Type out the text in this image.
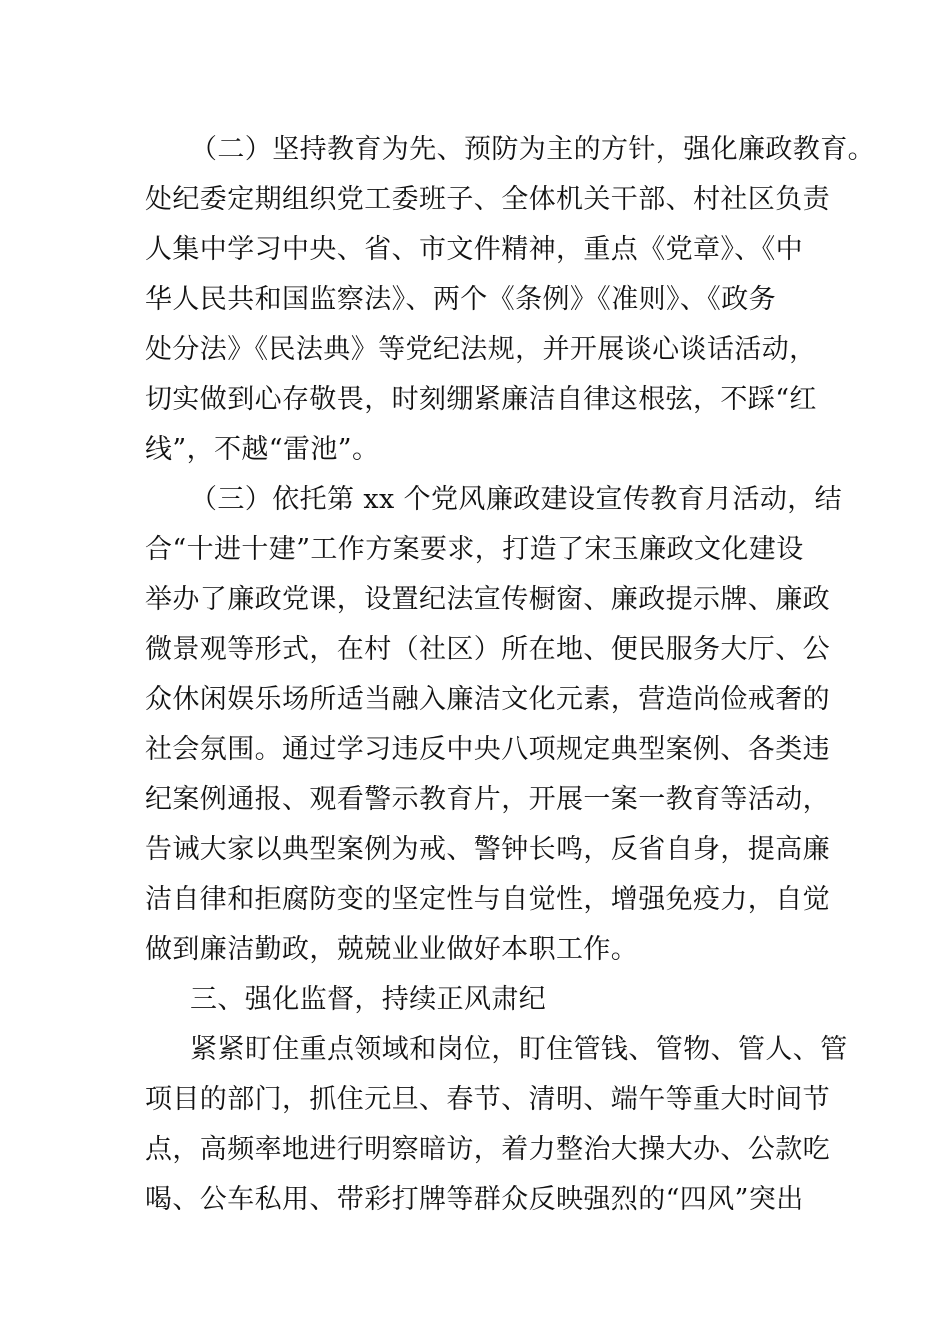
（二）坚持教育为先、预防为主的方针，强化廉政教育。
处纪委定期组织党工委班子、全体机关干部、村社区负责
人集中学习中央、省、市文件精神，重点《党章》、《中
华人民共和国监察法》、两个《条例》《准则》、《政务
处分法》《民法典》等党纪法规，并开展谈心谈话活动，
切实做到心存敬畏，时刻绷紧廉洁自律这根弦，不踩“红
线”，不越“雷池”。
（三）依托第 xx 个党风廉政建设宣传教育月活动，结
合“十进十建”工作方案要求，打造了宋玉廉政文化建设
举办了廉政党课，设置纪法宣传橱窗、廉政提示牌、廉政
微景观等形式，在村（社区）所在地、便民服务大厅、公
众休闲娱乐场所适当融入廉洁文化元素，营造尚俭戒奢的
社会氛围。通过学习违反中央八项规定典型案例、各类违
纪案例通报、观看警示教育片，开展一案一教育等活动，
告诫大家以典型案例为戒、警钟长鸣，反省自身，提高廉
洁自律和拒腐防变的坚定性与自觉性，增强免疫力，自觉
做到廉洁勤政，兢兢业业做好本职工作。
三、强化监督，持续正风肃纪
紧紧盯住重点领域和岗位，盯住管钱、管物、管人、管
项目的部门，抓住元旦、春节、清明、端午等重大时间节
点，高频率地进行明察暗访，着力整治大操大办、公款吃
喝、公车私用、带彩打牌等群众反映强烈的“四风”突出
